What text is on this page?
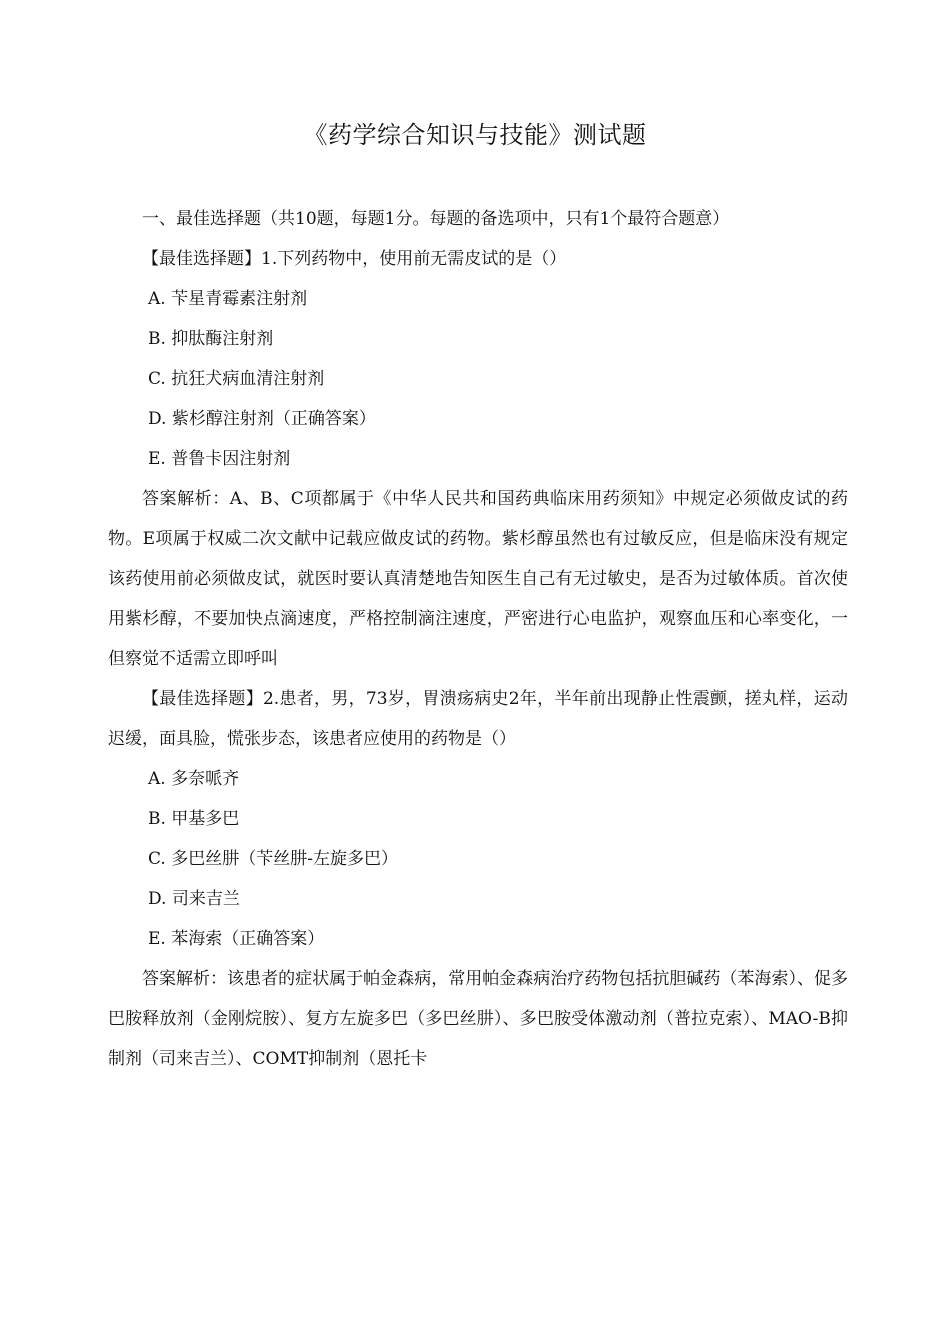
《药学综合知识与技能》测试题

一、最佳选择题（共10题，每题1分。每题的备选项中，只有1个最符合题意）

【最佳选择题】1.下列药物中，使用前无需皮试的是（）

A. 苄星青霉素注射剂

B. 抑肽酶注射剂

C. 抗狂犬病血清注射剂

D. 紫杉醇注射剂（正确答案）

E. 普鲁卡因注射剂

答案解析：A、B、C项都属于《中华人民共和国药典临床用药须知》中规定必须做皮试的药物。E项属于权威二次文献中记载应做皮试的药物。紫杉醇虽然也有过敏反应，但是临床没有规定该药使用前必须做皮试，就医时要认真清楚地告知医生自己有无过敏史，是否为过敏体质。首次使用紫杉醇，不要加快点滴速度，严格控制滴注速度，严密进行心电监护，观察血压和心率变化，一但察觉不适需立即呼叫

【最佳选择题】2.患者，男，73岁，胃溃疡病史2年，半年前出现静止性震颤，搓丸样，运动迟缓，面具脸，慌张步态，该患者应使用的药物是（）

A. 多奈哌齐

B. 甲基多巴

C. 多巴丝肼（苄丝肼-左旋多巴）

D. 司来吉兰

E. 苯海索（正确答案）

答案解析：该患者的症状属于帕金森病，常用帕金森病治疗药物包括抗胆碱药（苯海索）、促多巴胺释放剂（金刚烷胺）、复方左旋多巴（多巴丝肼）、多巴胺受体激动剂（普拉克索）、MAO-B抑制剂（司来吉兰）、COMT抑制剂（恩托卡
